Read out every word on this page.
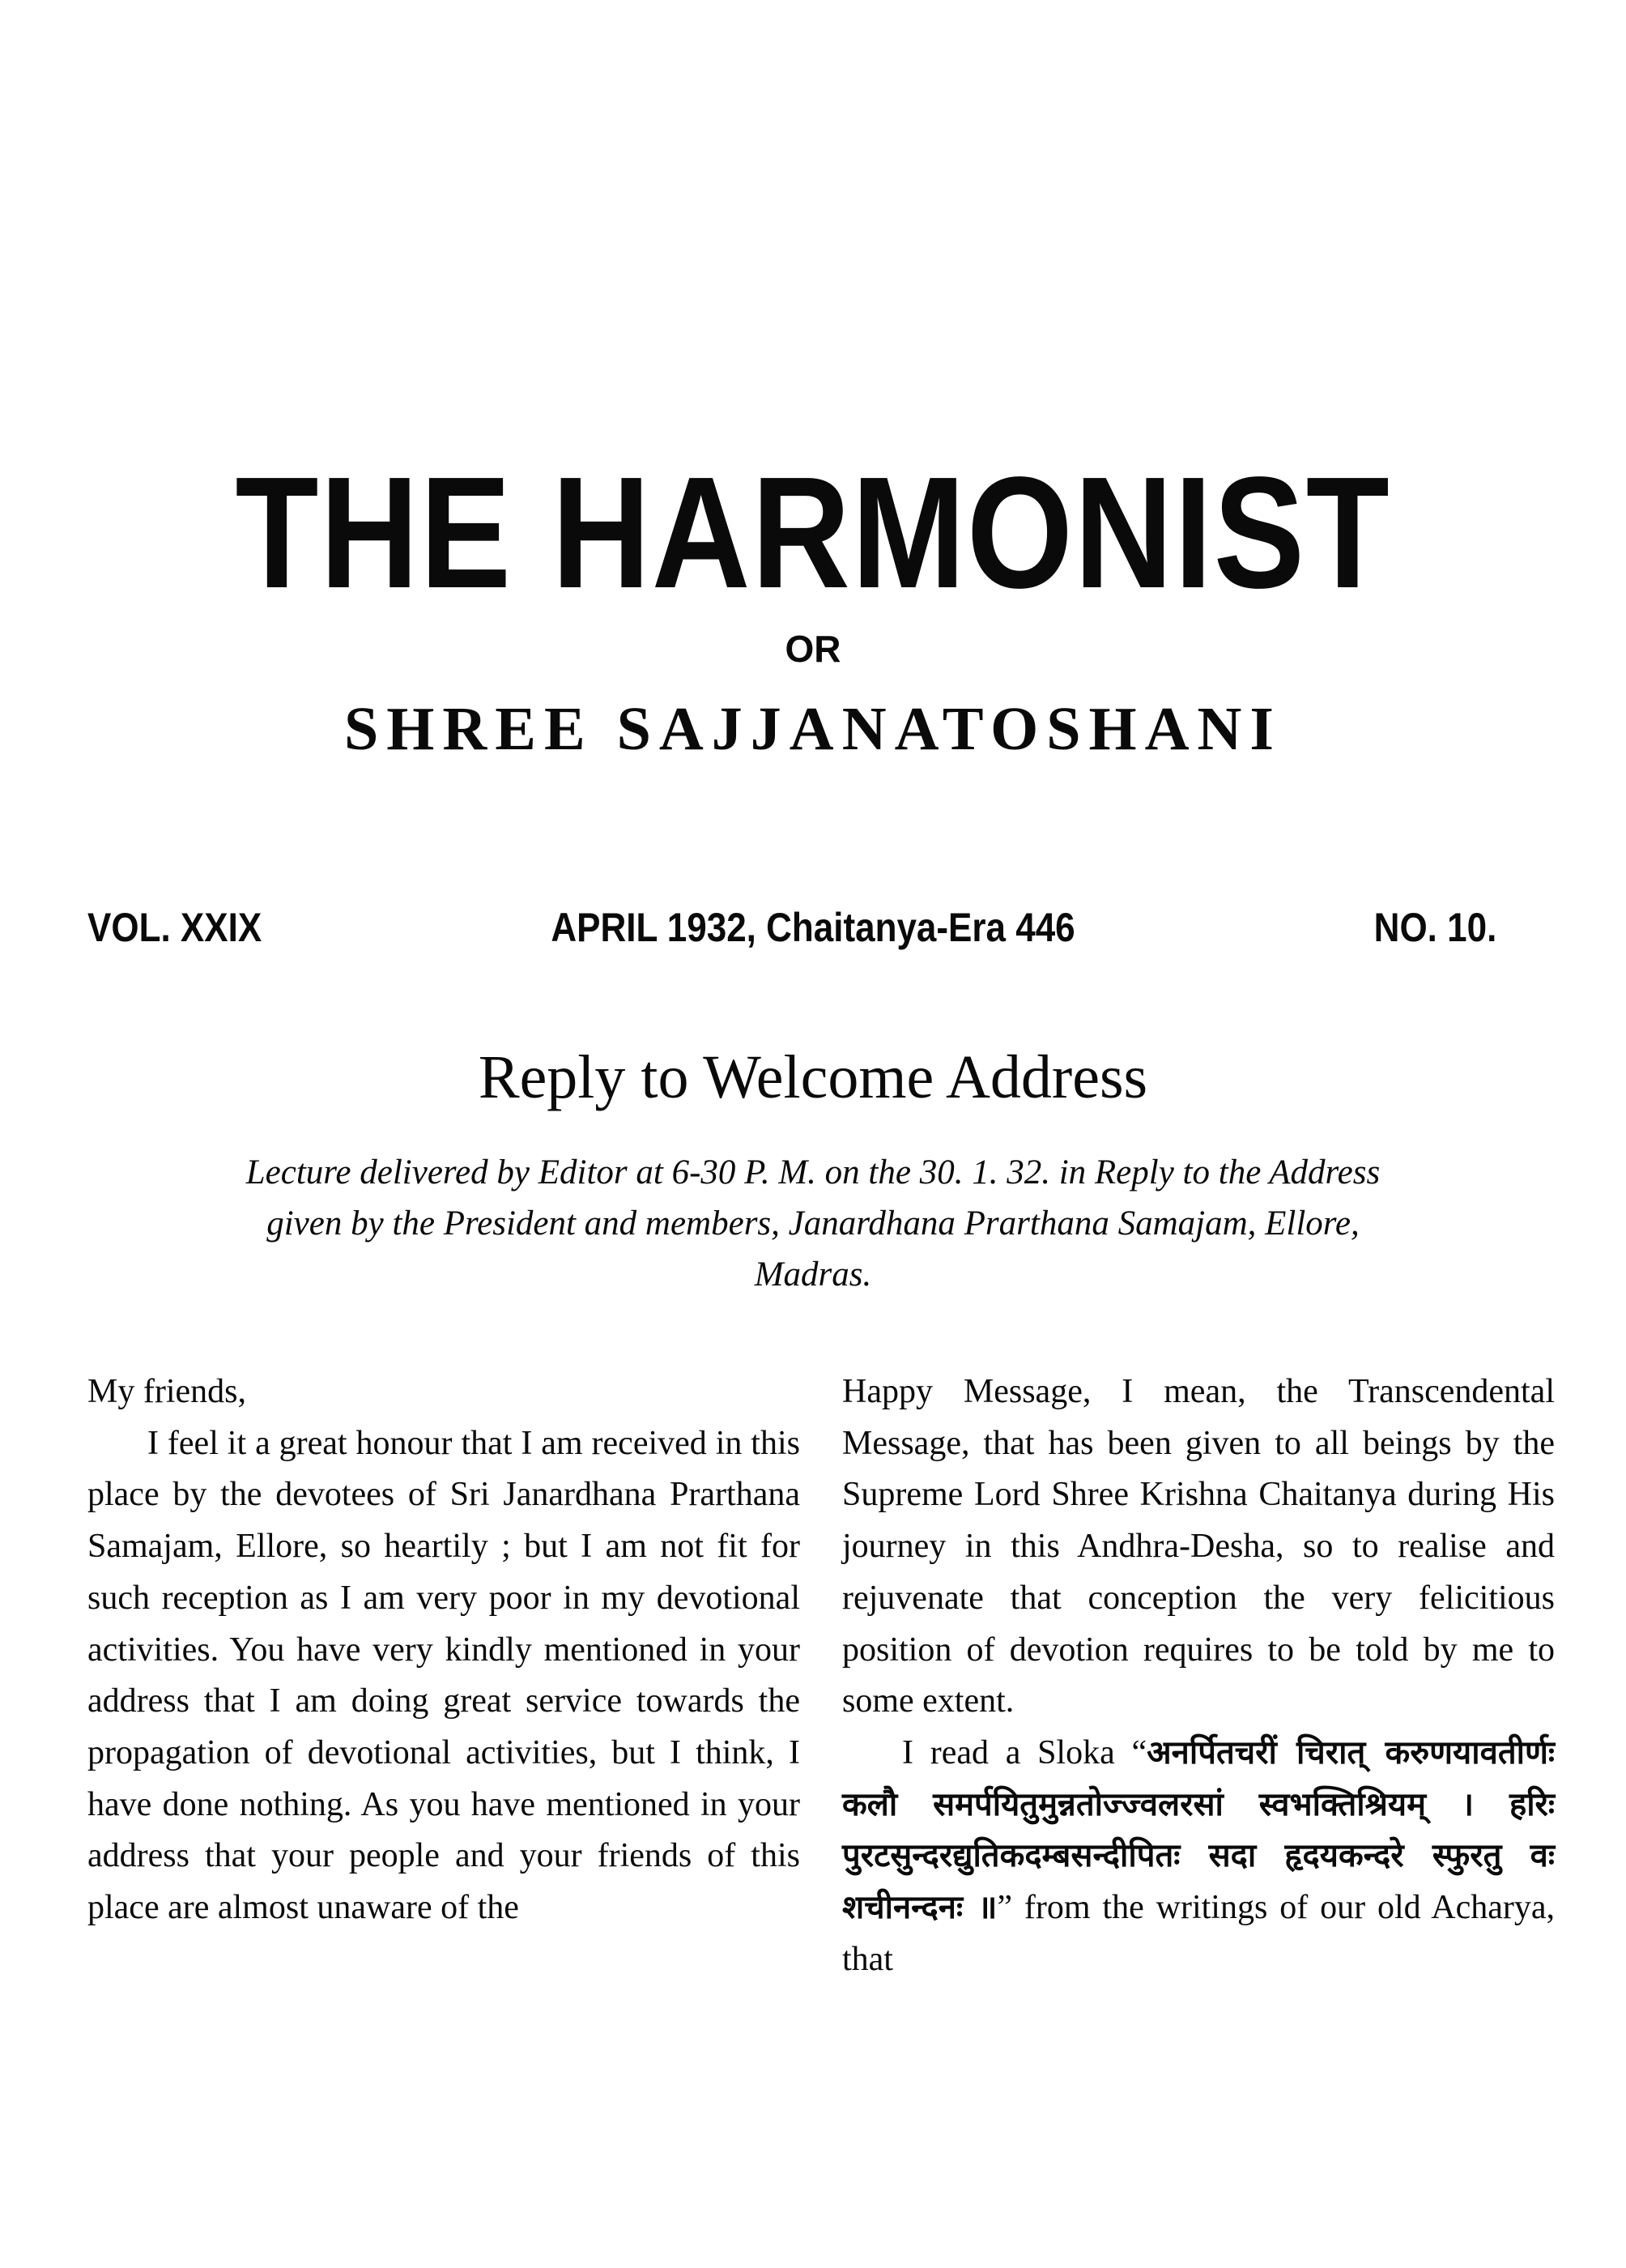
THE HARMONIST
OR
SHREE SAJJANATOSHANI
VOL. XXIX	APRIL 1932, Chaitanya-Era 446	NO. 10.
Reply to Welcome Address
Lecture delivered by Editor at 6-30 P. M. on the 30. 1. 32. in Reply to the Address given by the President and members, Janardhana Prarthana Samajam, Ellore, Madras.

My friends,

I feel it a great honour that I am received in this place by the devotees of Sri Janardhana Prarthana Samajam, Ellore, so heartily ; but I am not fit for such reception as I am very poor in my devotional activities. You have very kindly mentioned in your address that I am doing great service towards the propagation of devotional activities, but I think, I have done nothing. As you have mentioned in your address that your people and your friends of this place are almost unaware of the

Happy Message, I mean, the Transcendental Message, that has been given to all beings by the Supreme Lord Shree Krishna Chaitanya during His journey in this Andhra-Desha, so to realise and rejuvenate that conception the very felicitious position of devotion requires to be told by me to some extent.

I read a Sloka “अनर्पितचरीं चिरात् करुणयावतीर्णः कलौ समर्पयितुमुन्नतोज्ज्वलरसां स्वभक्तिश्रियम् । हरिः पुरटसुन्दरद्युतिकदम्बसन्दीपितः सदा हृदयकन्दरे स्फुरतु वः शचीनन्दनः ॥” from the writings of our old Acharya, that
